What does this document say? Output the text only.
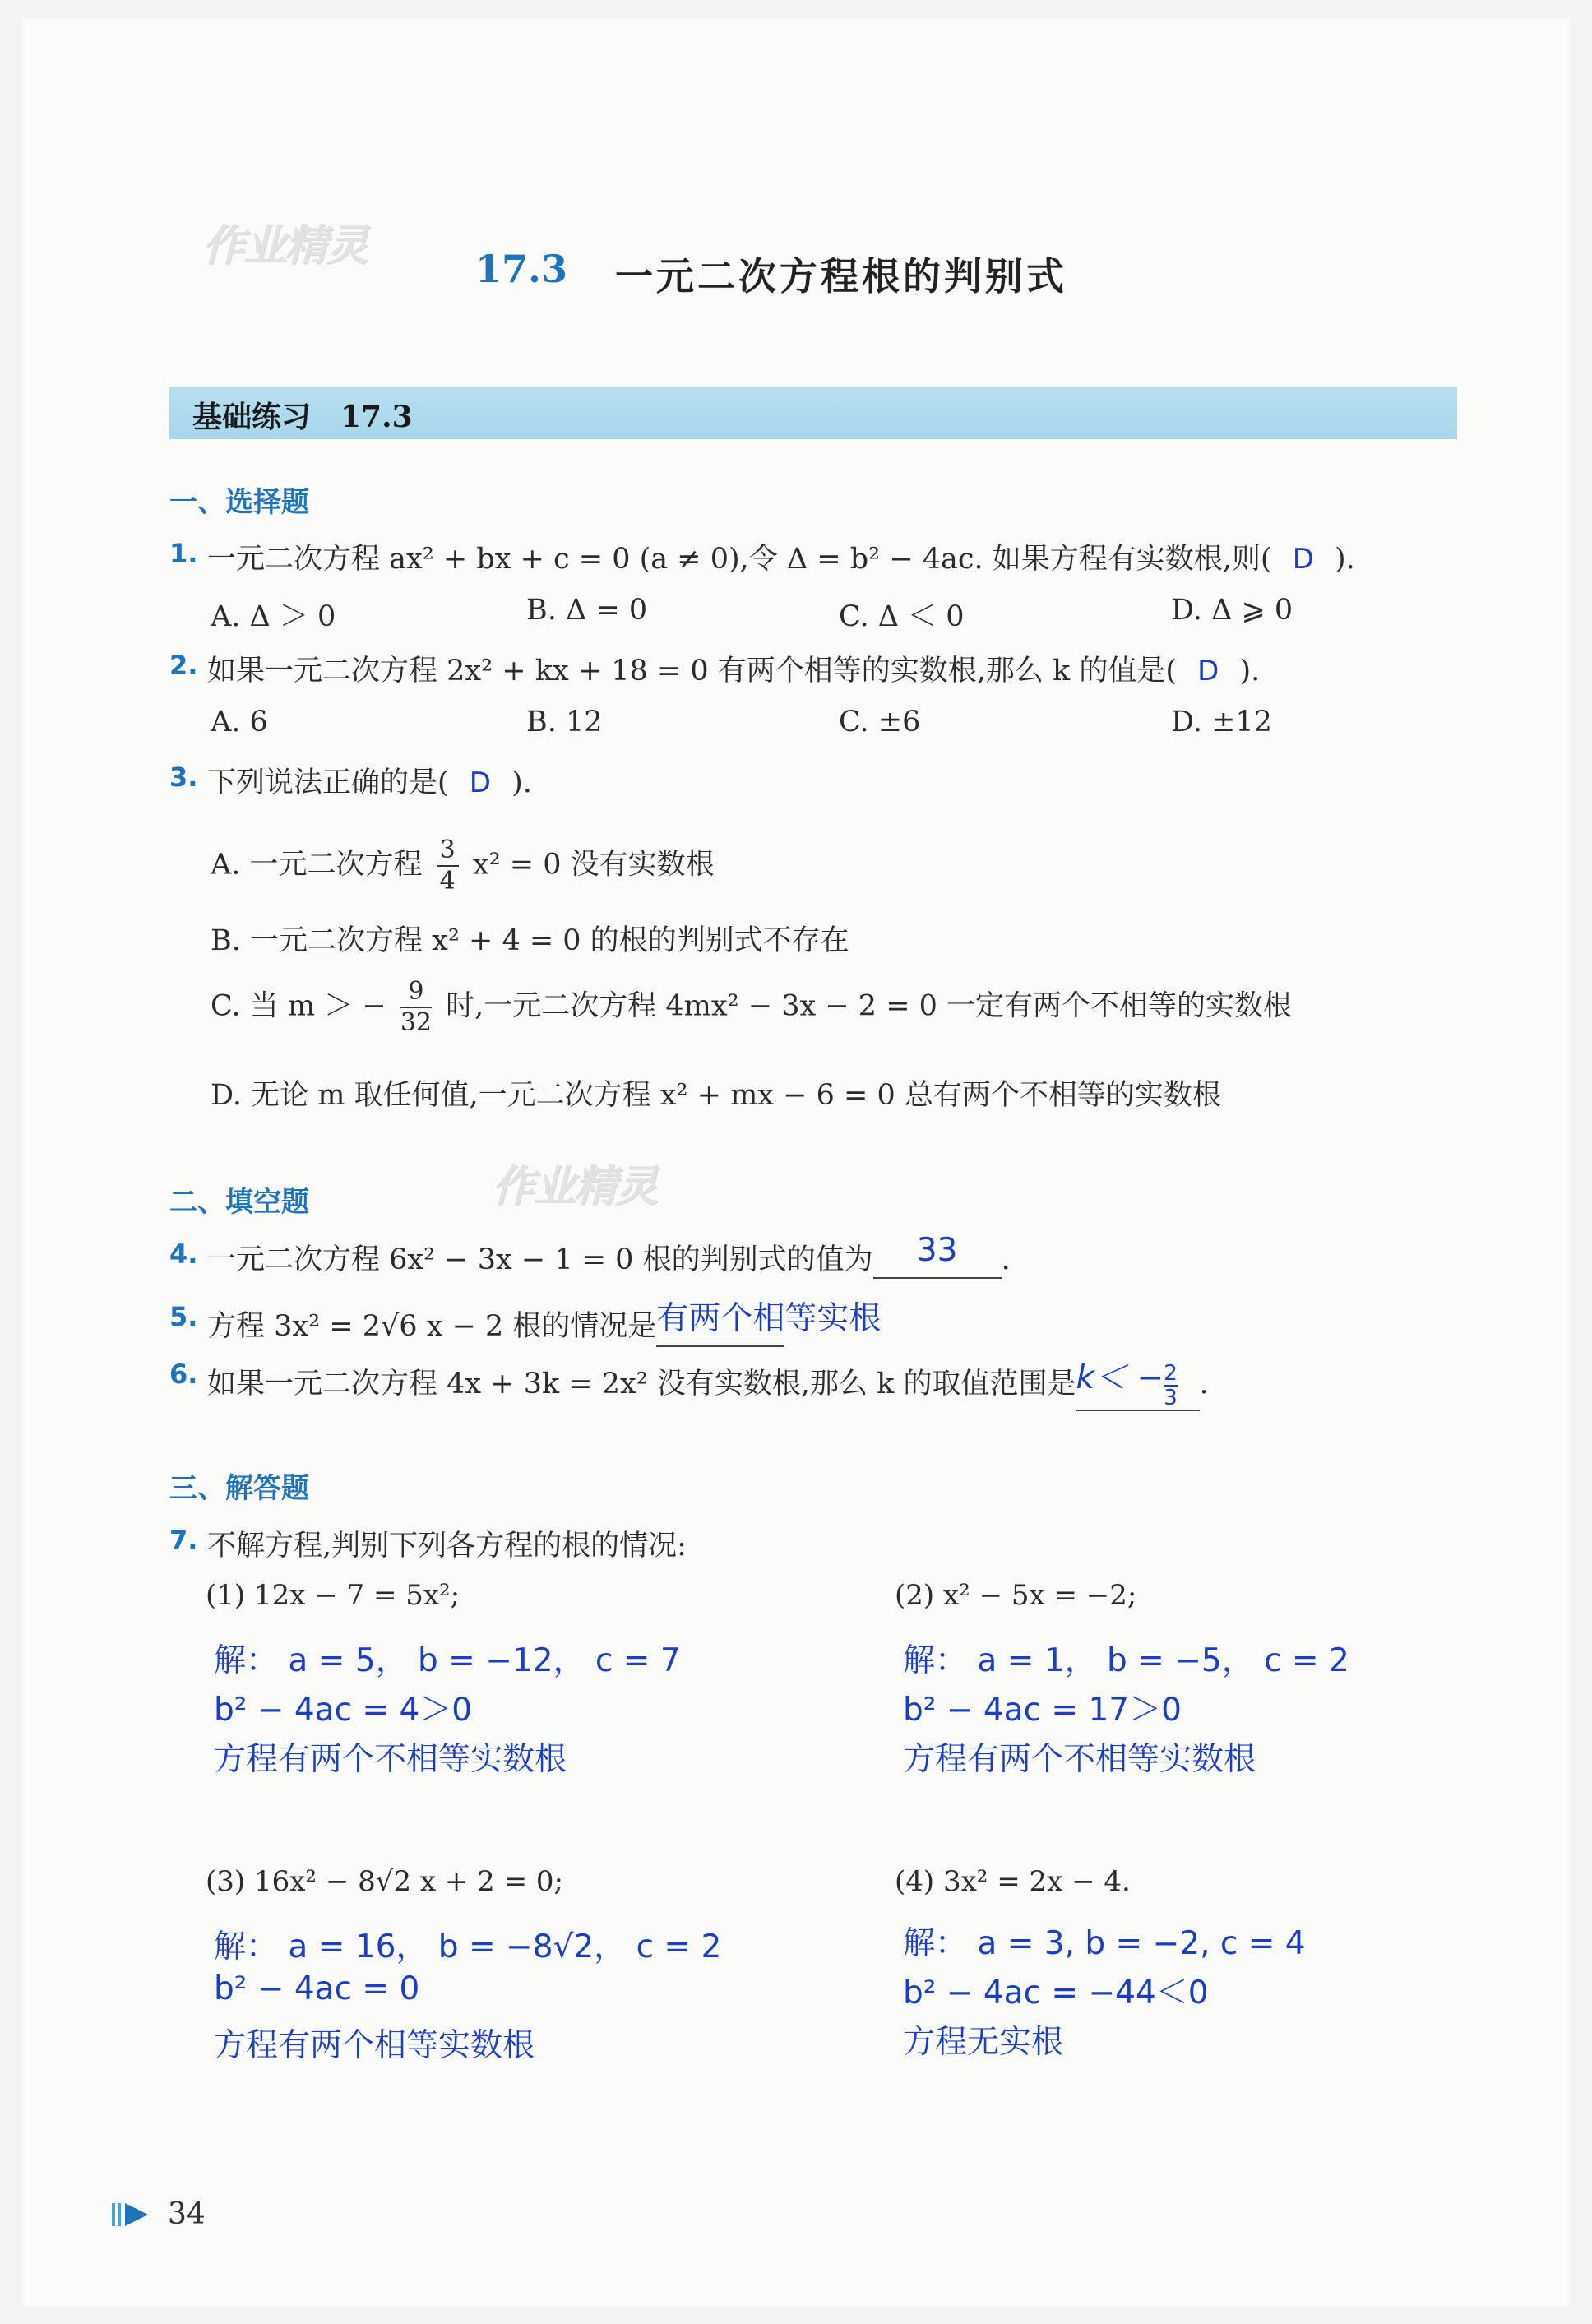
作业精灵
作业精灵
17.3 一元二次方程根的判别式
基础练习　17.3
一、选择题
1. 一元二次方程 ax² + bx + c = 0 (a ≠ 0),令 Δ = b² − 4ac. 如果方程有实数根,则( D ).
A. Δ ＞ 0	B. Δ = 0	C. Δ ＜ 0	D. Δ ⩾ 0
2. 如果一元二次方程 2x² + kx + 18 = 0 有两个相等的实数根,那么 k 的值是( D ).
A. 6	B. 12	C. ±6	D. ±12
3. 下列说法正确的是( D ).
A. 一元二次方程 $\frac{3}{4} x^2 = 0$ 没有实数根
B. 一元二次方程 x² + 4 = 0 的根的判别式不存在
C. 当 m ＞ − $\frac{9}{32}$ 时,一元二次方程 4mx² − 3x − 2 = 0 一定有两个不相等的实数根
D. 无论 m 取任何值,一元二次方程 x² + mx − 6 = 0 总有两个不相等的实数根
二、填空题
4. 一元二次方程 6x² − 3x − 1 = 0 根的判别式的值为 33 .
5. 方程 3x² = 2√6 x − 2 根的情况是有两个相等实根
6. 如果一元二次方程 4x + 3k = 2x² 没有实数根,那么 k 的取值范围是$k< - \frac{2}{3}$ .
三、解答题
7. 不解方程,判别下列各方程的根的情况:
(1) 12x − 7 = 5x²;
解： a = 5， b = −12， c = 7
b² − 4ac = 4＞0
方程有两个不相等实数根
(2) x² − 5x = −2;
解： a = 1， b = −5， c = 2
b² − 4ac = 17＞0
方程有两个不相等实数根
(3) 16x² − 8√2 x + 2 = 0;
解： a = 16， b = −8√2， c = 2
b² − 4ac = 0
方程有两个相等实数根
(4) 3x² = 2x − 4.
解： a = 3, b = −2, c = 4
b² − 4ac = −44＜0
方程无实根
34
